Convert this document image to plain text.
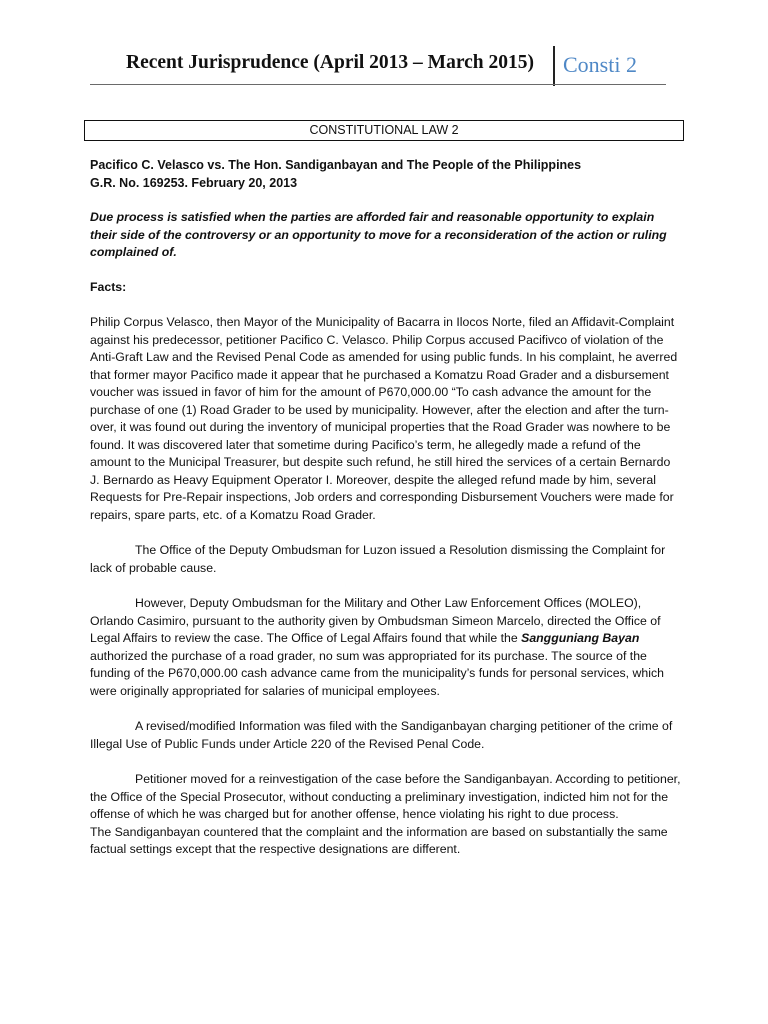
Recent Jurisprudence (April 2013 – March 2015) Consti 2
CONSTITUTIONAL LAW 2

Pacifico C. Velasco vs. The Hon. Sandiganbayan and The People of the Philippines

G.R. No. 169253. February 20, 2013

Due process is satisfied when the parties are afforded fair and reasonable opportunity to explain their side of the controversy or an opportunity to move for a reconsideration of the action or ruling complained of.

Facts:

Philip Corpus Velasco, then Mayor of the Municipality of Bacarra in Ilocos Norte, filed an Affidavit-Complaint against his predecessor, petitioner Pacifico C. Velasco. Philip Corpus accused Pacifivco of violation of the Anti-Graft Law and the Revised Penal Code as amended for using public funds. In his complaint, he averred that former mayor Pacifico made it appear that he purchased a Komatzu Road Grader and a disbursement voucher was issued in favor of him for the amount of P670,000.00 “To cash advance the amount for the purchase of one (1) Road Grader to be used by municipality. However, after the election and after the turn-over, it was found out during the inventory of municipal properties that the Road Grader was nowhere to be found. It was discovered later that sometime during Pacifico’s term, he allegedly made a refund of the amount to the Municipal Treasurer, but despite such refund, he still hired the services of a certain Bernardo J. Bernardo as Heavy Equipment Operator I. Moreover, despite the alleged refund made by him, several Requests for Pre-Repair inspections, Job orders and corresponding Disbursement Vouchers were made for repairs, spare parts, etc. of a Komatzu Road Grader.

The Office of the Deputy Ombudsman for Luzon issued a Resolution dismissing the Complaint for lack of probable cause.

However, Deputy Ombudsman for the Military and Other Law Enforcement Offices (MOLEO), Orlando Casimiro, pursuant to the authority given by Ombudsman Simeon Marcelo, directed the Office of Legal Affairs to review the case. The Office of Legal Affairs found that while the Sangguniang Bayan authorized the purchase of a road grader, no sum was appropriated for its purchase. The source of the funding of the P670,000.00 cash advance came from the municipality’s funds for personal services, which were originally appropriated for salaries of municipal employees.

A revised/modified Information was filed with the Sandiganbayan charging petitioner of the crime of Illegal Use of Public Funds under Article 220 of the Revised Penal Code.

Petitioner moved for a reinvestigation of the case before the Sandiganbayan. According to petitioner, the Office of the Special Prosecutor, without conducting a preliminary investigation, indicted him not for the offense of which he was charged but for another offense, hence violating his right to due process.

The Sandiganbayan countered that the complaint and the information are based on substantially the same factual settings except that the respective designations are different.
